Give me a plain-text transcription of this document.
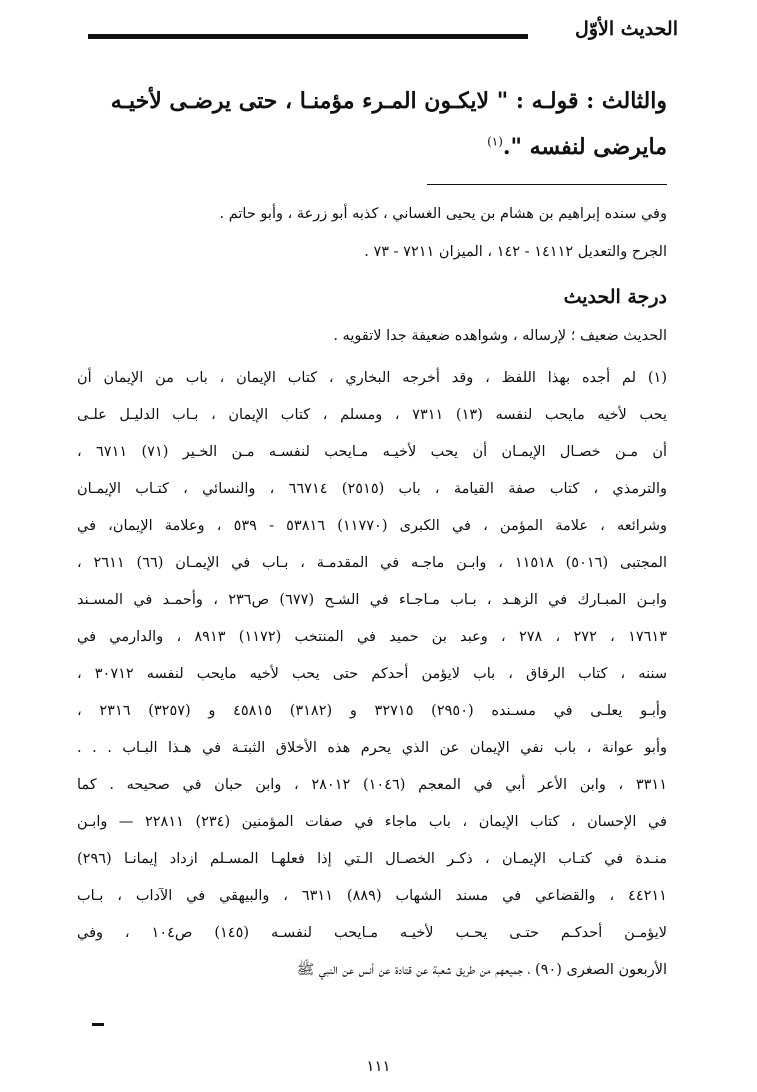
الحديث الأوّل
والثالث : قولـه : " لايكـون المـرء مؤمنـا ، حتى يرضـى لأخيـه
مايرضى لنفسه ".$^{(١)}$
وفي سنده إبراهيم بن هشام بن يحيى الغساني ، كذبه أبو زرعة ، وأبو حاتم .
الجرح والتعديل ١٤١١٢ - ١٤٢ ، الميزان ٧٢١١ - ٧٣ .
درجة الحديث
الحديث ضعيف ؛ لإرساله ، وشواهده ضعيفة جدا لاتقويه .
(١) لم أجده بهذا اللفظ ، وقد أخرجه البخاري ، كتاب الإيمان ، باب من الإيمان أن
يحب لأخيه مايحب لنفسه (١٣) ٧٣١١ ، ومسلم ، كتاب الإيمان ، بـاب الدليـل علـى
أن مـن خصـال الإيمـان أن يحب لأخيـه مـايحب لنفسـه مـن الخـير (٧١) ٦٧١١ ،
والترمذي ، كتاب صفة القيامة ، باب (٢٥١٥) ٦٦٧١٤ ، والنسائي ، كتـاب الإيمـان
وشرائعه ، علامة المؤمن ، في الكبرى (١١٧٧٠) ٥٣٨١٦ - ٥٣٩ ، وعلامة الإيمان، في
المجتبى (٥٠١٦) ١١٥١٨ ، وابـن ماجـه في المقدمـة ، بـاب في الإيمـان (٦٦) ٢٦١١ ،
وابـن المبـارك في الزهـد ، بـاب مـاجـاء في الشـح (٦٧٧) ص٢٣٦ ، وأحمـد في المسـند
١٧٦١٣ ، ٢٧٢ ، ٢٧٨ ، وعبد بن حميد في المنتخب (١١٧٢) ٨٩١٣ ، والدارمي في
سننه ، كتاب الرقاق ، باب لايؤمن أحدكم حتى يحب لأخيه مايحب لنفسه ٣٠٧١٢ ،
وأبـو يعلـى في مسـنده (٢٩٥٠) ٣٢٧١٥ و (٣١٨٢) ٤٥٨١٥ و (٣٢٥٧) ٢٣١٦ ،
وأبو عوانة ، باب نفي الإيمان عن الذي يحرم هذه الأخلاق الثبتـة في هـذا البـاب . . .
٣٣١١ ، وابن الأعر أبي في المعجم (١٠٤٦) ٢٨٠١٢ ، وابن حبان في صحيحه . كما
في الإحسان ، كتاب الإيمان ، باب ماجاء في صفات المؤمنين (٢٣٤) ٢٢٨١١ — وابـن
منـدة في كتـاب الإيمـان ، ذكـر الخصـال الـتي إذا فعلهـا المسـلم ازداد إيمانـا (٢٩٦)
٤٤٢١١ ، والقضاعي في مسند الشهاب (٨٨٩) ٦٣١١ ، والبيهقي في الآداب ، بـاب
لايؤمـن أحدكـم حتـى يحـب لأخيـه مـايحب لنفسـه (١٤٥) ص١٠٤ ، وفي
الأربعون الصغرى (٩٠) ، جميعهم من طريق شعبة عن قتادة عن أنس عن النبي ﷺ
١١١
